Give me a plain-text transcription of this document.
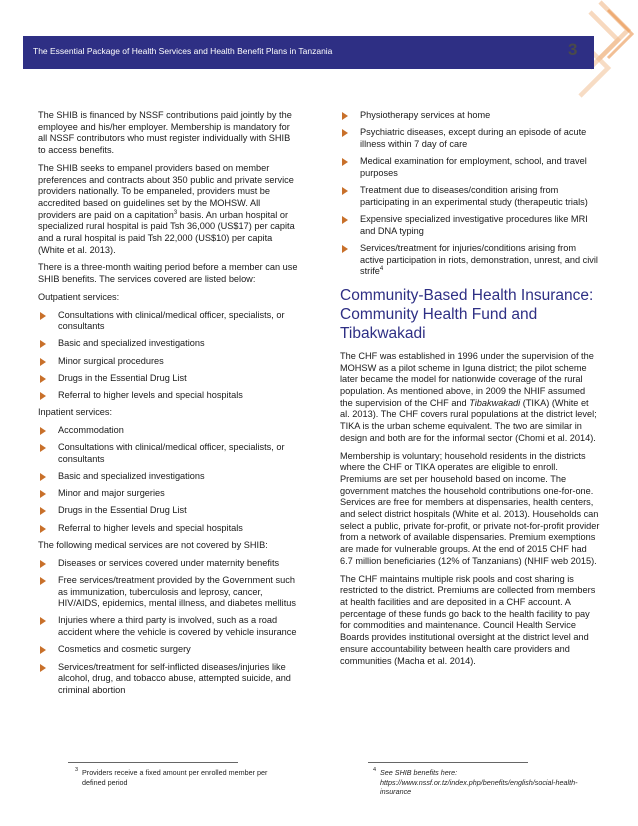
The Essential Package of Health Services and Health Benefit Plans in Tanzania	3

The SHIB is financed by NSSF contributions paid jointly by the employee and his/her employer. Membership is mandatory for all NSSF contributors who must register individually with SHIB to access benefits.

The SHIB seeks to empanel providers based on member preferences and contracts about 350 public and private service providers nationally. To be empaneled, providers must be accredited based on guidelines set by the MOHSW. All providers are paid on a capitation$^3$ basis. An urban hospital or specialized rural hospital is paid Tsh 36,000 (US$17) per capita and a rural hospital is paid Tsh 22,000 (US$10) per capita (White et al. 2013).

There is a three-month waiting period before a member can use SHIB benefits. The services covered are listed below:

Outpatient services:

Consultations with clinical/medical officer, specialists, or consultants
Basic and specialized investigations
Minor surgical procedures
Drugs in the Essential Drug List
Referral to higher levels and special hospitals

Inpatient services:

Accommodation
Consultations with clinical/medical officer, specialists, or consultants
Basic and specialized investigations
Minor and major surgeries
Drugs in the Essential Drug List
Referral to higher levels and special hospitals

The following medical services are not covered by SHIB:

Diseases or services covered under maternity benefits
Free services/treatment provided by the Government such as immunization, tuberculosis and leprosy, cancer, HIV/AIDS, epidemics, mental illness, and diabetes mellitus
Injuries where a third party is involved, such as a road accident where the vehicle is covered by vehicle insurance
Cosmetics and cosmetic surgery
Services/treatment for self-inflicted diseases/injuries like alcohol, drug, and tobacco abuse, attempted suicide, and criminal abortion
Physiotherapy services at home
Psychiatric diseases, except during an episode of acute illness within 7 day of care
Medical examination for employment, school, and travel purposes
Treatment due to diseases/condition arising from participating in an experimental study (therapeutic trials)
Expensive specialized investigative procedures like MRI and DNA typing
Services/treatment for injuries/conditions arising from active participation in riots, demonstration, unrest, and civil strife$^4$
Community-Based Health Insurance: Community Health Fund and Tibakwakadi

The CHF was established in 1996 under the supervision of the MOHSW as a pilot scheme in Iguna district; the pilot scheme later became the model for nationwide coverage of the rural population. As mentioned above, in 2009 the NHIF assumed the supervision of the CHF and Tibakwakadi (TIKA) (White et al. 2013). The CHF covers rural populations at the district level; TIKA is the urban scheme equivalent. The two are similar in design and both are for the informal sector (Chomi et al. 2014).

Membership is voluntary; household residents in the districts where the CHF or TIKA operates are eligible to enroll. Premiums are set per household based on income. The government matches the household contributions one-for-one. Services are free for members at dispensaries, health centers, and select district hospitals (White et al. 2013). Households can select a public, private for-profit, or private not-for-profit provider from a network of available dispensaries. Premium exemptions are made for vulnerable groups. At the end of 2015 CHF had 6.7 million beneficiaries (12% of Tanzanians) (NHIF web 2015).

The CHF maintains multiple risk pools and cost sharing is restricted to the district. Premiums are collected from members at health facilities and are deposited in a CHF account. A percentage of these funds go back to the health facility to pay for commodities and maintenance. Council Health Service Boards provides institutional oversight at the district level and ensure accountability between health care providers and communities (Macha et al. 2014).

3 Providers receive a fixed amount per enrolled member per defined period
4 See SHIB benefits here: https://www.nssf.or.tz/index.php/benefits/english/social-health-insurance
